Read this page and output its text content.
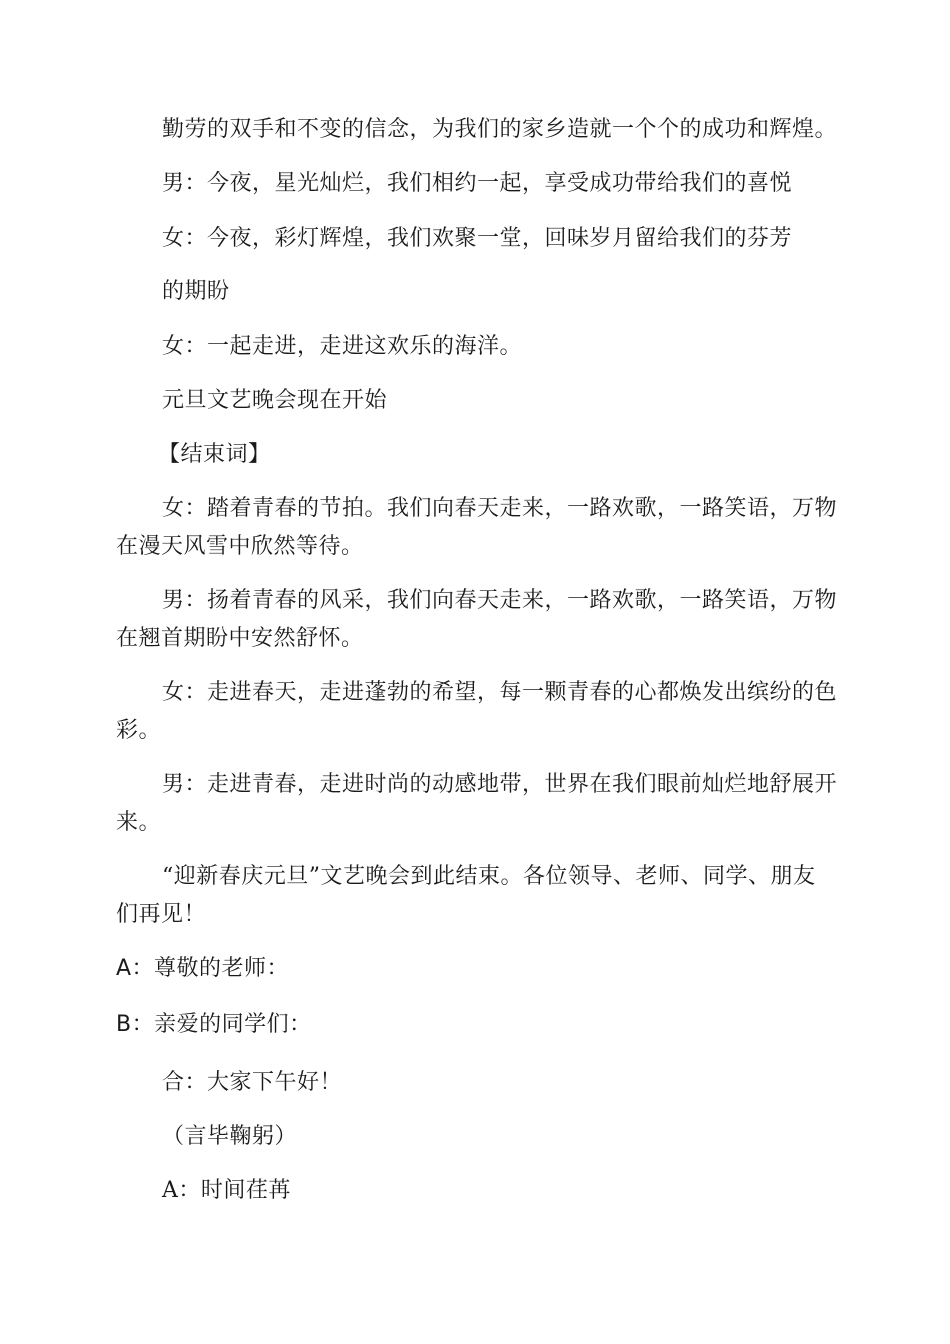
勤劳的双手和不变的信念，为我们的家乡造就一个个的成功和辉煌。
男：今夜，星光灿烂，我们相约一起，享受成功带给我们的喜悦
女：今夜，彩灯辉煌，我们欢聚一堂，回味岁月留给我们的芬芳
的期盼
女：一起走进，走进这欢乐的海洋。
元旦文艺晚会现在开始
【结束词】
女：踏着青春的节拍。我们向春天走来，一路欢歌，一路笑语，万物
在漫天风雪中欣然等待。
男：扬着青春的风采，我们向春天走来，一路欢歌，一路笑语，万物
在翘首期盼中安然舒怀。
女：走进春天，走进蓬勃的希望，每一颗青春的心都焕发出缤纷的色
彩。
男：走进青春，走进时尚的动感地带，世界在我们眼前灿烂地舒展开
来。
“迎新春庆元旦”文艺晚会到此结束。各位领导、老师、同学、朋友
们再见！
A：尊敬的老师：
B：亲爱的同学们：
合：大家下午好！
（言毕鞠躬）
A：时间荏苒
